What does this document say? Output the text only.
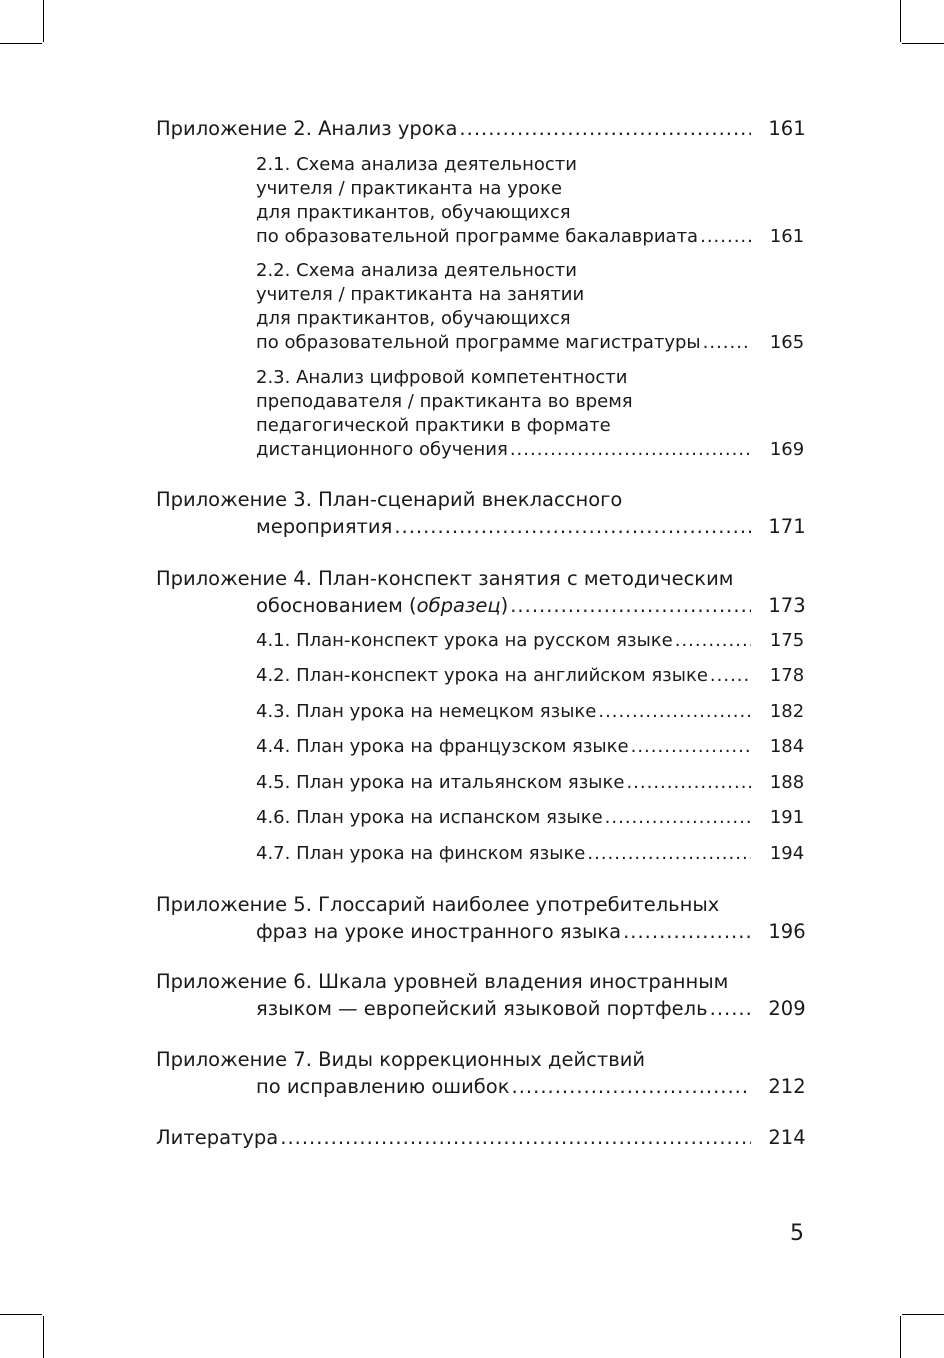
Приложение 2. Анализ урока .....	161
2.1. Схема анализа деятельности
учителя / практиканта на уроке
для практикантов, обучающихся
по образовательной программе бакалавриата .....	161
2.2. Схема анализа деятельности
учителя / практиканта на занятии
для практикантов, обучающихся
по образовательной программе магистратуры .....	165
2.3. Анализ цифровой компетентности
преподавателя / практиканта во время
педагогической практики в формате
дистанционного обучения .....	169
Приложение 3. План-сценарий внеклассного
мероприятия .....	171
Приложение 4. План-конспект занятия с методическим
обоснованием (образец) .....	173
4.1. План-конспект урока на русском языке .....	175
4.2. План-конспект урока на английском языке .....	178
4.3. План урока на немецком языке .....	182
4.4. План урока на французском языке .....	184
4.5. План урока на итальянском языке .....	188
4.6. План урока на испанском языке .....	191
4.7. План урока на финском языке .....	194
Приложение 5. Глоссарий наиболее употребительных
фраз на уроке иностранного языка .....	196
Приложение 6. Шкала уровней владения иностранным
языком — европейский языковой портфель .....	209
Приложение 7. Виды коррекционных действий
по исправлению ошибок .....	212
Литература .....	214
5
